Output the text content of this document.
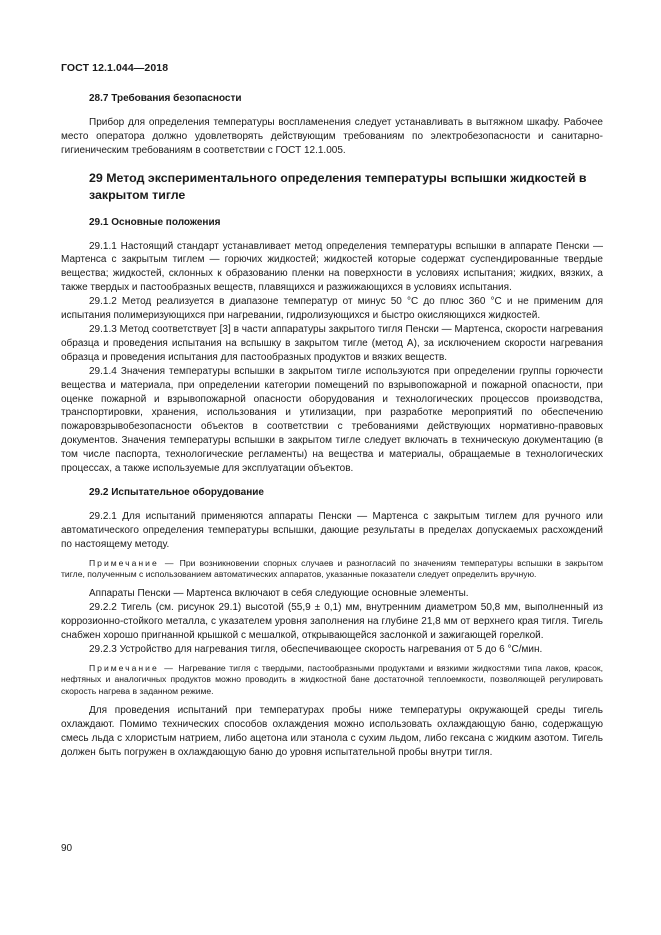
ГОСТ 12.1.044—2018
28.7 Требования безопасности

Прибор для определения температуры воспламенения следует устанавливать в вытяжном шкафу. Рабочее место оператора должно удовлетворять действующим требованиям по электробезопасности и санитарно-гигиеническим требованиям в соответствии с ГОСТ 12.1.005.

29 Метод экспериментального определения температуры вспышки жидкостей в закрытом тигле
29.1 Основные положения

29.1.1 Настоящий стандарт устанавливает метод определения температуры вспышки в аппарате Пенски — Мартенса с закрытым тиглем — горючих жидкостей; жидкостей которые содержат суспендированные твердые вещества; жидкостей, склонных к образованию пленки на поверхности в условиях испытания; жидких, вязких, а также твердых и пастообразных веществ, плавящихся и разжижающихся в условиях испытания.

29.1.2 Метод реализуется в диапазоне температур от минус 50 °С до плюс 360 °С и не применим для испытания полимеризующихся при нагревании, гидролизующихся и быстро окисляющихся жидкостей.

29.1.3 Метод соответствует [3] в части аппаратуры закрытого тигля Пенски — Мартенса, скорости нагревания образца и проведения испытания на вспышку в закрытом тигле (метод А), за исключением скорости нагревания образца и проведения испытания для пастообразных продуктов и вязких веществ.

29.1.4 Значения температуры вспышки в закрытом тигле используются при определении группы горючести вещества и материала, при определении категории помещений по взрывопожарной и пожарной опасности, при оценке пожарной и взрывопожарной опасности оборудования и технологических процессов производства, транспортировки, хранения, использования и утилизации, при разработке мероприятий по обеспечению пожаровзрывобезопасности объектов в соответствии с требованиями действующих нормативно-правовых документов. Значения температуры вспышки в закрытом тигле следует включать в техническую документацию (в том числе паспорта, технологические регламенты) на вещества и материалы, обращаемые в технологических процессах, а также используемые для эксплуатации объектов.

29.2 Испытательное оборудование

29.2.1 Для испытаний применяются аппараты Пенски — Мартенса с закрытым тиглем для ручного или автоматического определения температуры вспышки, дающие результаты в пределах допускаемых расхождений по настоящему методу.

Примечание — При возникновении спорных случаев и разногласий по значениям температуры вспышки в закрытом тигле, полученным с использованием автоматических аппаратов, указанные показатели следует определить вручную.

Аппараты Пенски — Мартенса включают в себя следующие основные элементы.

29.2.2 Тигель (см. рисунок 29.1) высотой (55,9 ± 0,1) мм, внутренним диаметром 50,8 мм, выполненный из коррозионно-стойкого металла, с указателем уровня заполнения на глубине 21,8 мм от верхнего края тигля. Тигель снабжен хорошо пригнанной крышкой с мешалкой, открывающейся заслонкой и зажигающей горелкой.

29.2.3 Устройство для нагревания тигля, обеспечивающее скорость нагревания от 5 до 6 °С/мин.

Примечание — Нагревание тигля с твердыми, пастообразными продуктами и вязкими жидкостями типа лаков, красок, нефтяных и аналогичных продуктов можно проводить в жидкостной бане достаточной теплоемкости, позволяющей регулировать скорость нагрева в заданном режиме.

Для проведения испытаний при температурах пробы ниже температуры окружающей среды тигель охлаждают. Помимо технических способов охлаждения можно использовать охлаждающую баню, содержащую смесь льда с хлористым натрием, либо ацетона или этанола с сухим льдом, либо гексана с жидким азотом. Тигель должен быть погружен в охлаждающую баню до уровня испытательной пробы внутри тигля.

90
